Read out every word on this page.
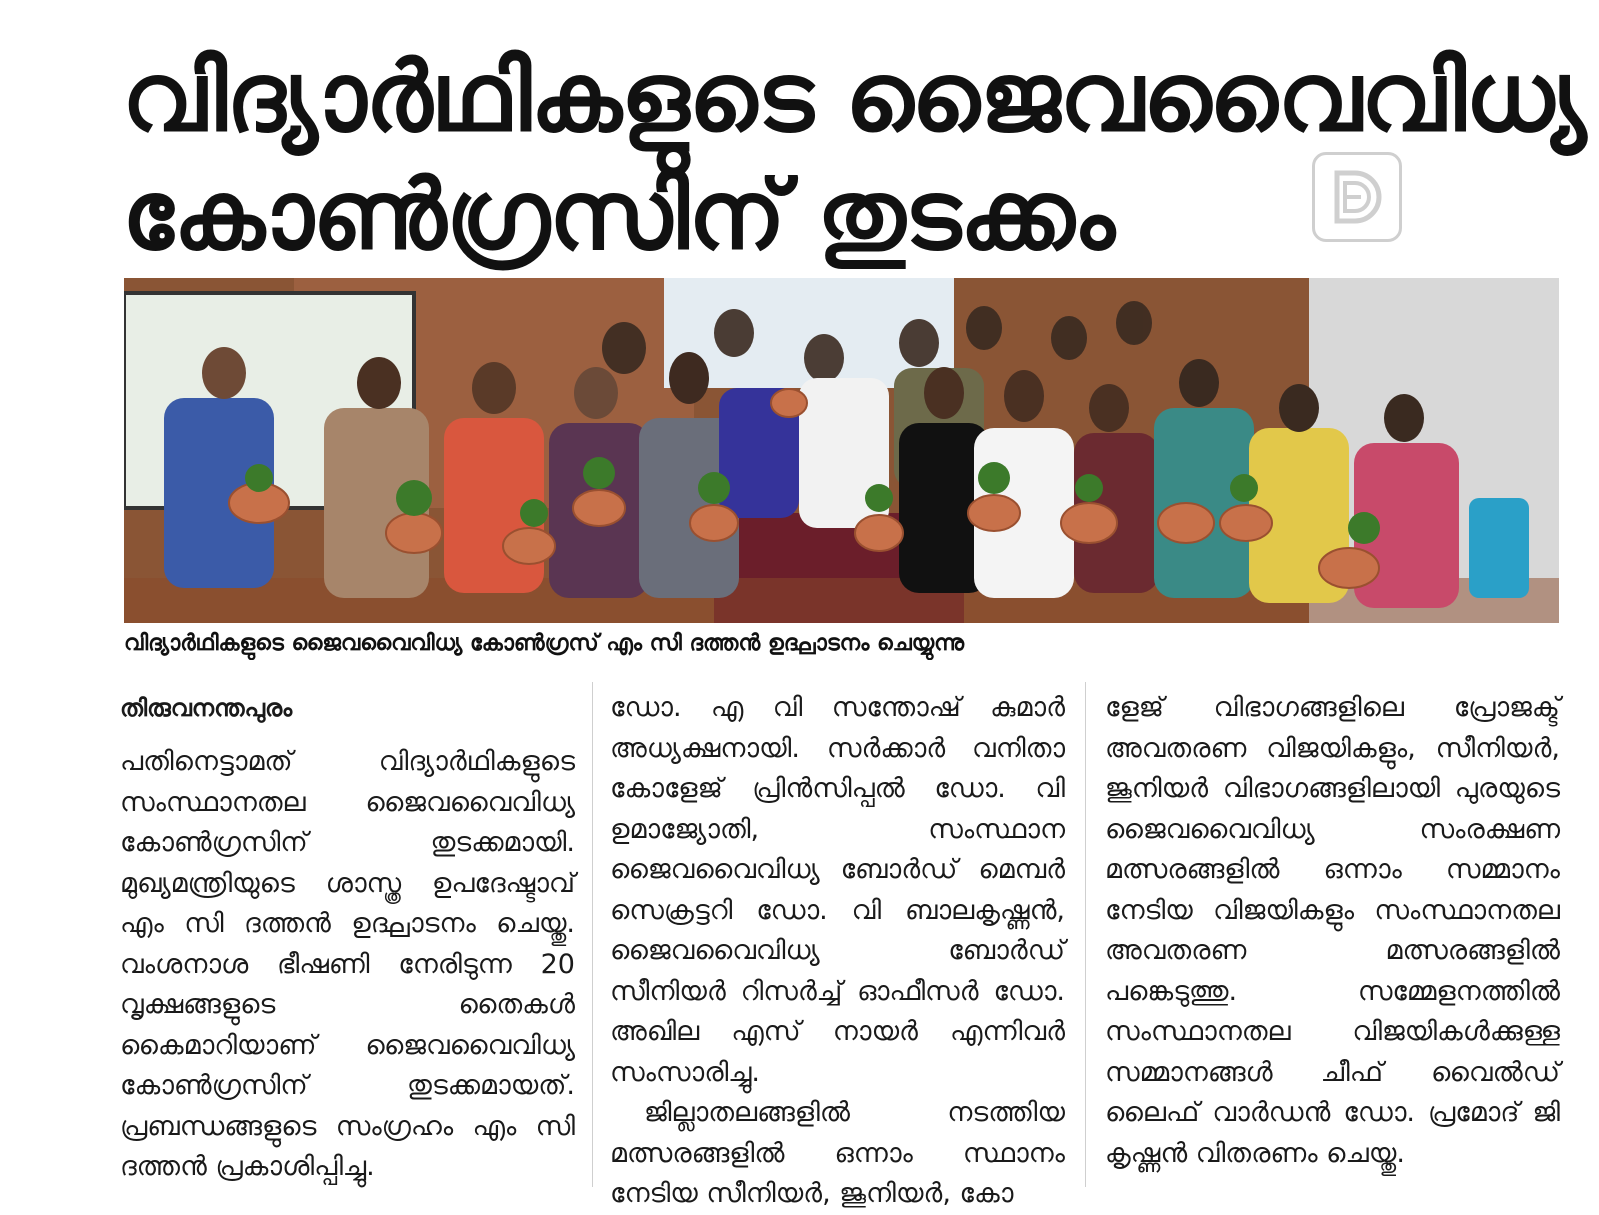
വിദ്യാർഥികളുടെ ജൈവവൈവിധ്യ
കോൺഗ്രസിന് തുടക്കം
വിദ്യാർഥികളുടെ ജൈവവൈവിധ്യ കോൺഗ്രസ് എം സി ദത്തൻ ഉദ്ഘാടനം ചെയ്യുന്നു

തിരുവനന്തപുരം

പതിനെട്ടാമത് വിദ്യാർഥികളുടെ സംസ്ഥാനതല ജൈവവൈവിധ്യ കോൺഗ്രസിന് തുടക്കമായി. മുഖ്യമന്ത്രിയുടെ ശാസ്ത്ര ഉപദേഷ്ടാവ് എം സി ദത്തൻ ഉദ്ഘാടനം ചെയ്തു. വംശനാശ ഭീഷണി നേരിടുന്ന 20 വൃക്ഷങ്ങളുടെ തൈകൾ കൈമാറിയാണ് ജൈവവൈവിധ്യ കോൺഗ്രസിന് തുടക്കമായത്. പ്രബന്ധങ്ങളുടെ സംഗ്രഹം എം സി ദത്തൻ പ്രകാശിപ്പിച്ചു.

ഡോ. എ വി സന്തോഷ് കുമാർ അധ്യക്ഷനായി. സർക്കാർ വനിതാ കോളേജ് പ്രിൻസിപ്പൽ ഡോ. വി ഉമാജ്യോതി, സംസ്ഥാന ജൈവവൈവിധ്യ ബോർഡ് മെമ്പർ സെക്രട്ടറി ഡോ. വി ബാലകൃഷ്ണൻ, ജൈവവൈവിധ്യ ബോർഡ് സീനിയർ റിസർച്ച് ഓഫീസർ ഡോ. അഖില എസ് നായർ എന്നിവർ സംസാരിച്ചു.

ജില്ലാതലങ്ങളിൽ നടത്തിയ മത്സരങ്ങളിൽ ഒന്നാം സ്ഥാനം നേടിയ സീനിയർ, ജൂനിയർ, കോ

ളേജ് വിഭാഗങ്ങളിലെ പ്രോജക്ട് അവതരണ വിജയികളും, സീനിയർ, ജൂനിയർ വിഭാഗങ്ങളിലായി പുരയുടെ ജൈവവൈവിധ്യ സംരക്ഷണ മത്സരങ്ങളിൽ ഒന്നാം സമ്മാനം നേടിയ വിജയികളും സംസ്ഥാനതല അവതരണ മത്സരങ്ങളിൽ പങ്കെടുത്തു. സമ്മേളനത്തിൽ സംസ്ഥാനതല വിജയികൾക്കുള്ള സമ്മാനങ്ങൾ ചീഫ് വൈൽഡ് ലൈഫ് വാർഡൻ ഡോ. പ്രമോദ് ജി കൃഷ്ണൻ വിതരണം ചെയ്തു.
